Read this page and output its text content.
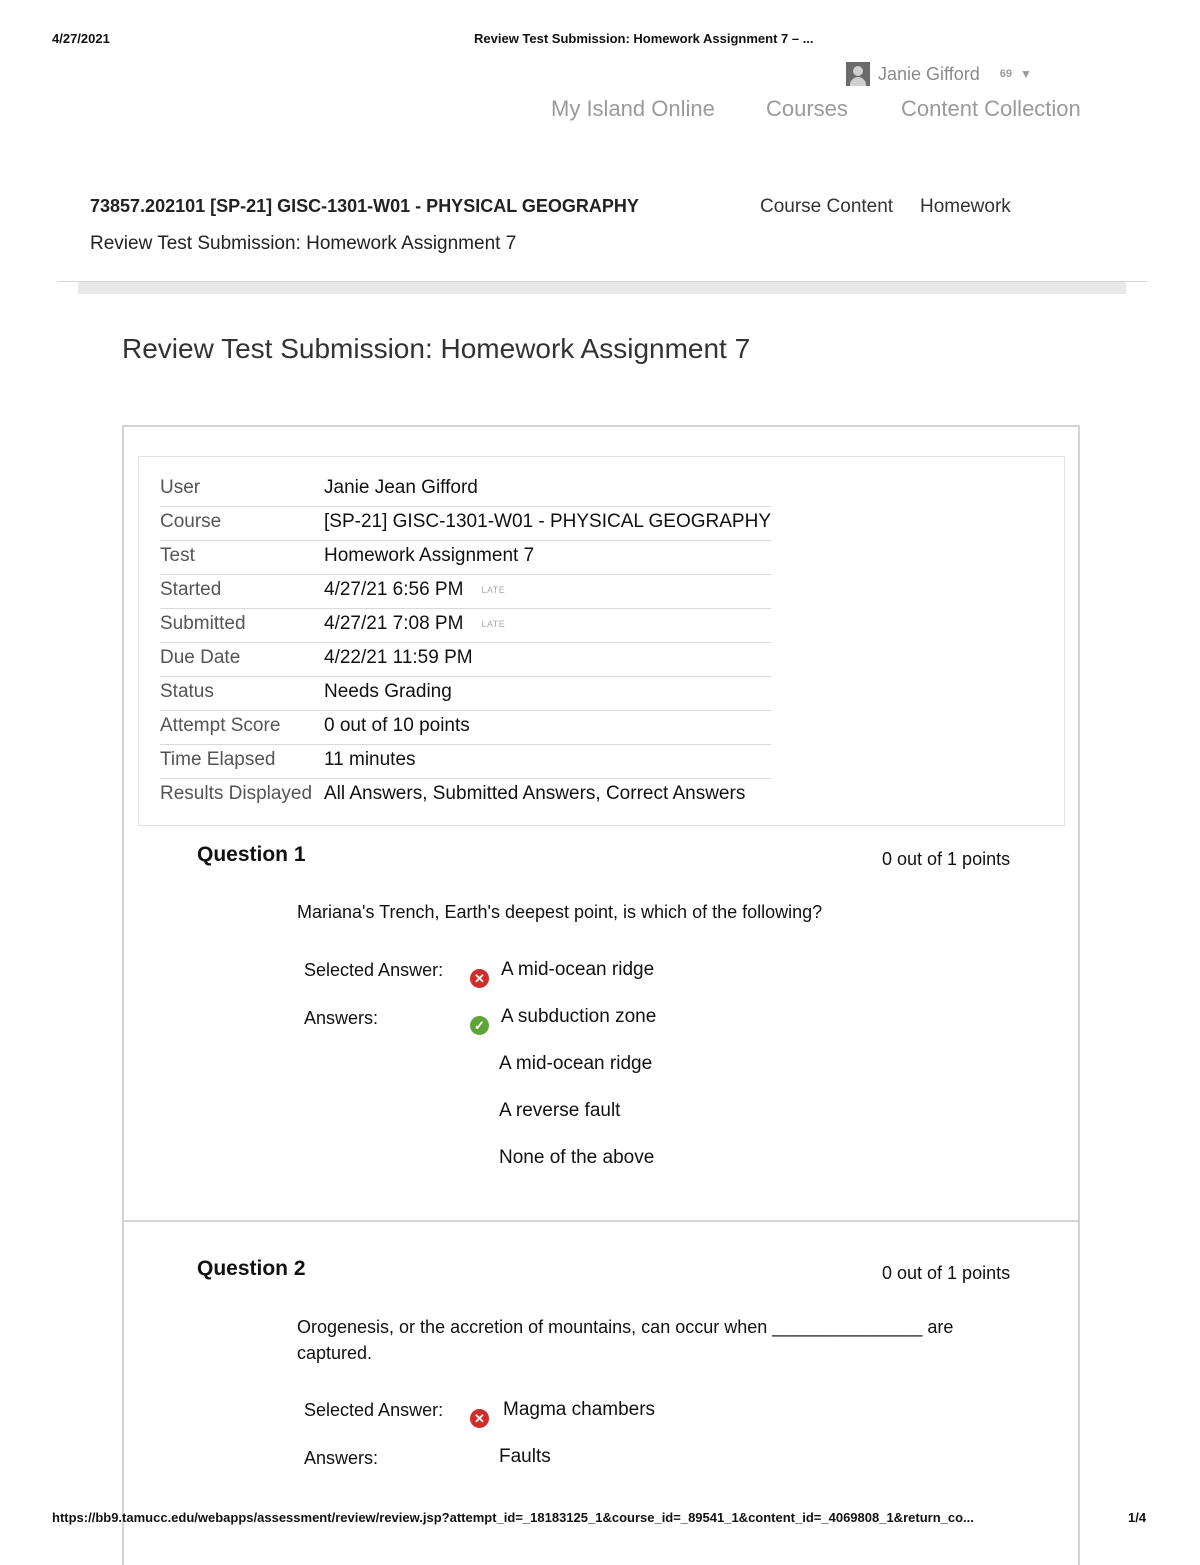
4/27/2021	Review Test Submission: Homework Assignment 7 – ...
Janie Gifford 69 ▼
My Island Online Courses Content Collection
73857.202101 [SP-21] GISC-1301-W01 - PHYSICAL GEOGRAPHY	Course Content Homework
Review Test Submission: Homework Assignment 7
Review Test Submission: Homework Assignment 7
User	Janie Jean Gifford
Course	[SP-21] GISC-1301-W01 - PHYSICAL GEOGRAPHY
Test	Homework Assignment 7
Started	4/27/21 6:56 PM LATE
Submitted	4/27/21 7:08 PM LATE
Due Date	4/22/21 11:59 PM
Status	Needs Grading
Attempt Score 0 out of 10 points
Time Elapsed	11 minutes
Results Displayed All Answers, Submitted Answers, Correct Answers
Question 1	0 out of 1 points
Mariana's Trench, Earth's deepest point, is which of the following?
Selected Answer:	✕ A mid-ocean ridge
Answers:	✓ A subduction zone
A mid-ocean ridge
A reverse fault
None of the above
Question 2	0 out of 1 points
Orogenesis, or the accretion of mountains, can occur when _______________ are captured.
Selected Answer:	✕ Magma chambers
Answers:	Faults
https://bb9.tamucc.edu/webapps/assessment/review/review.jsp?attempt_id=_18183125_1&course_id=_89541_1&content_id=_4069808_1&return_co...	1/4
